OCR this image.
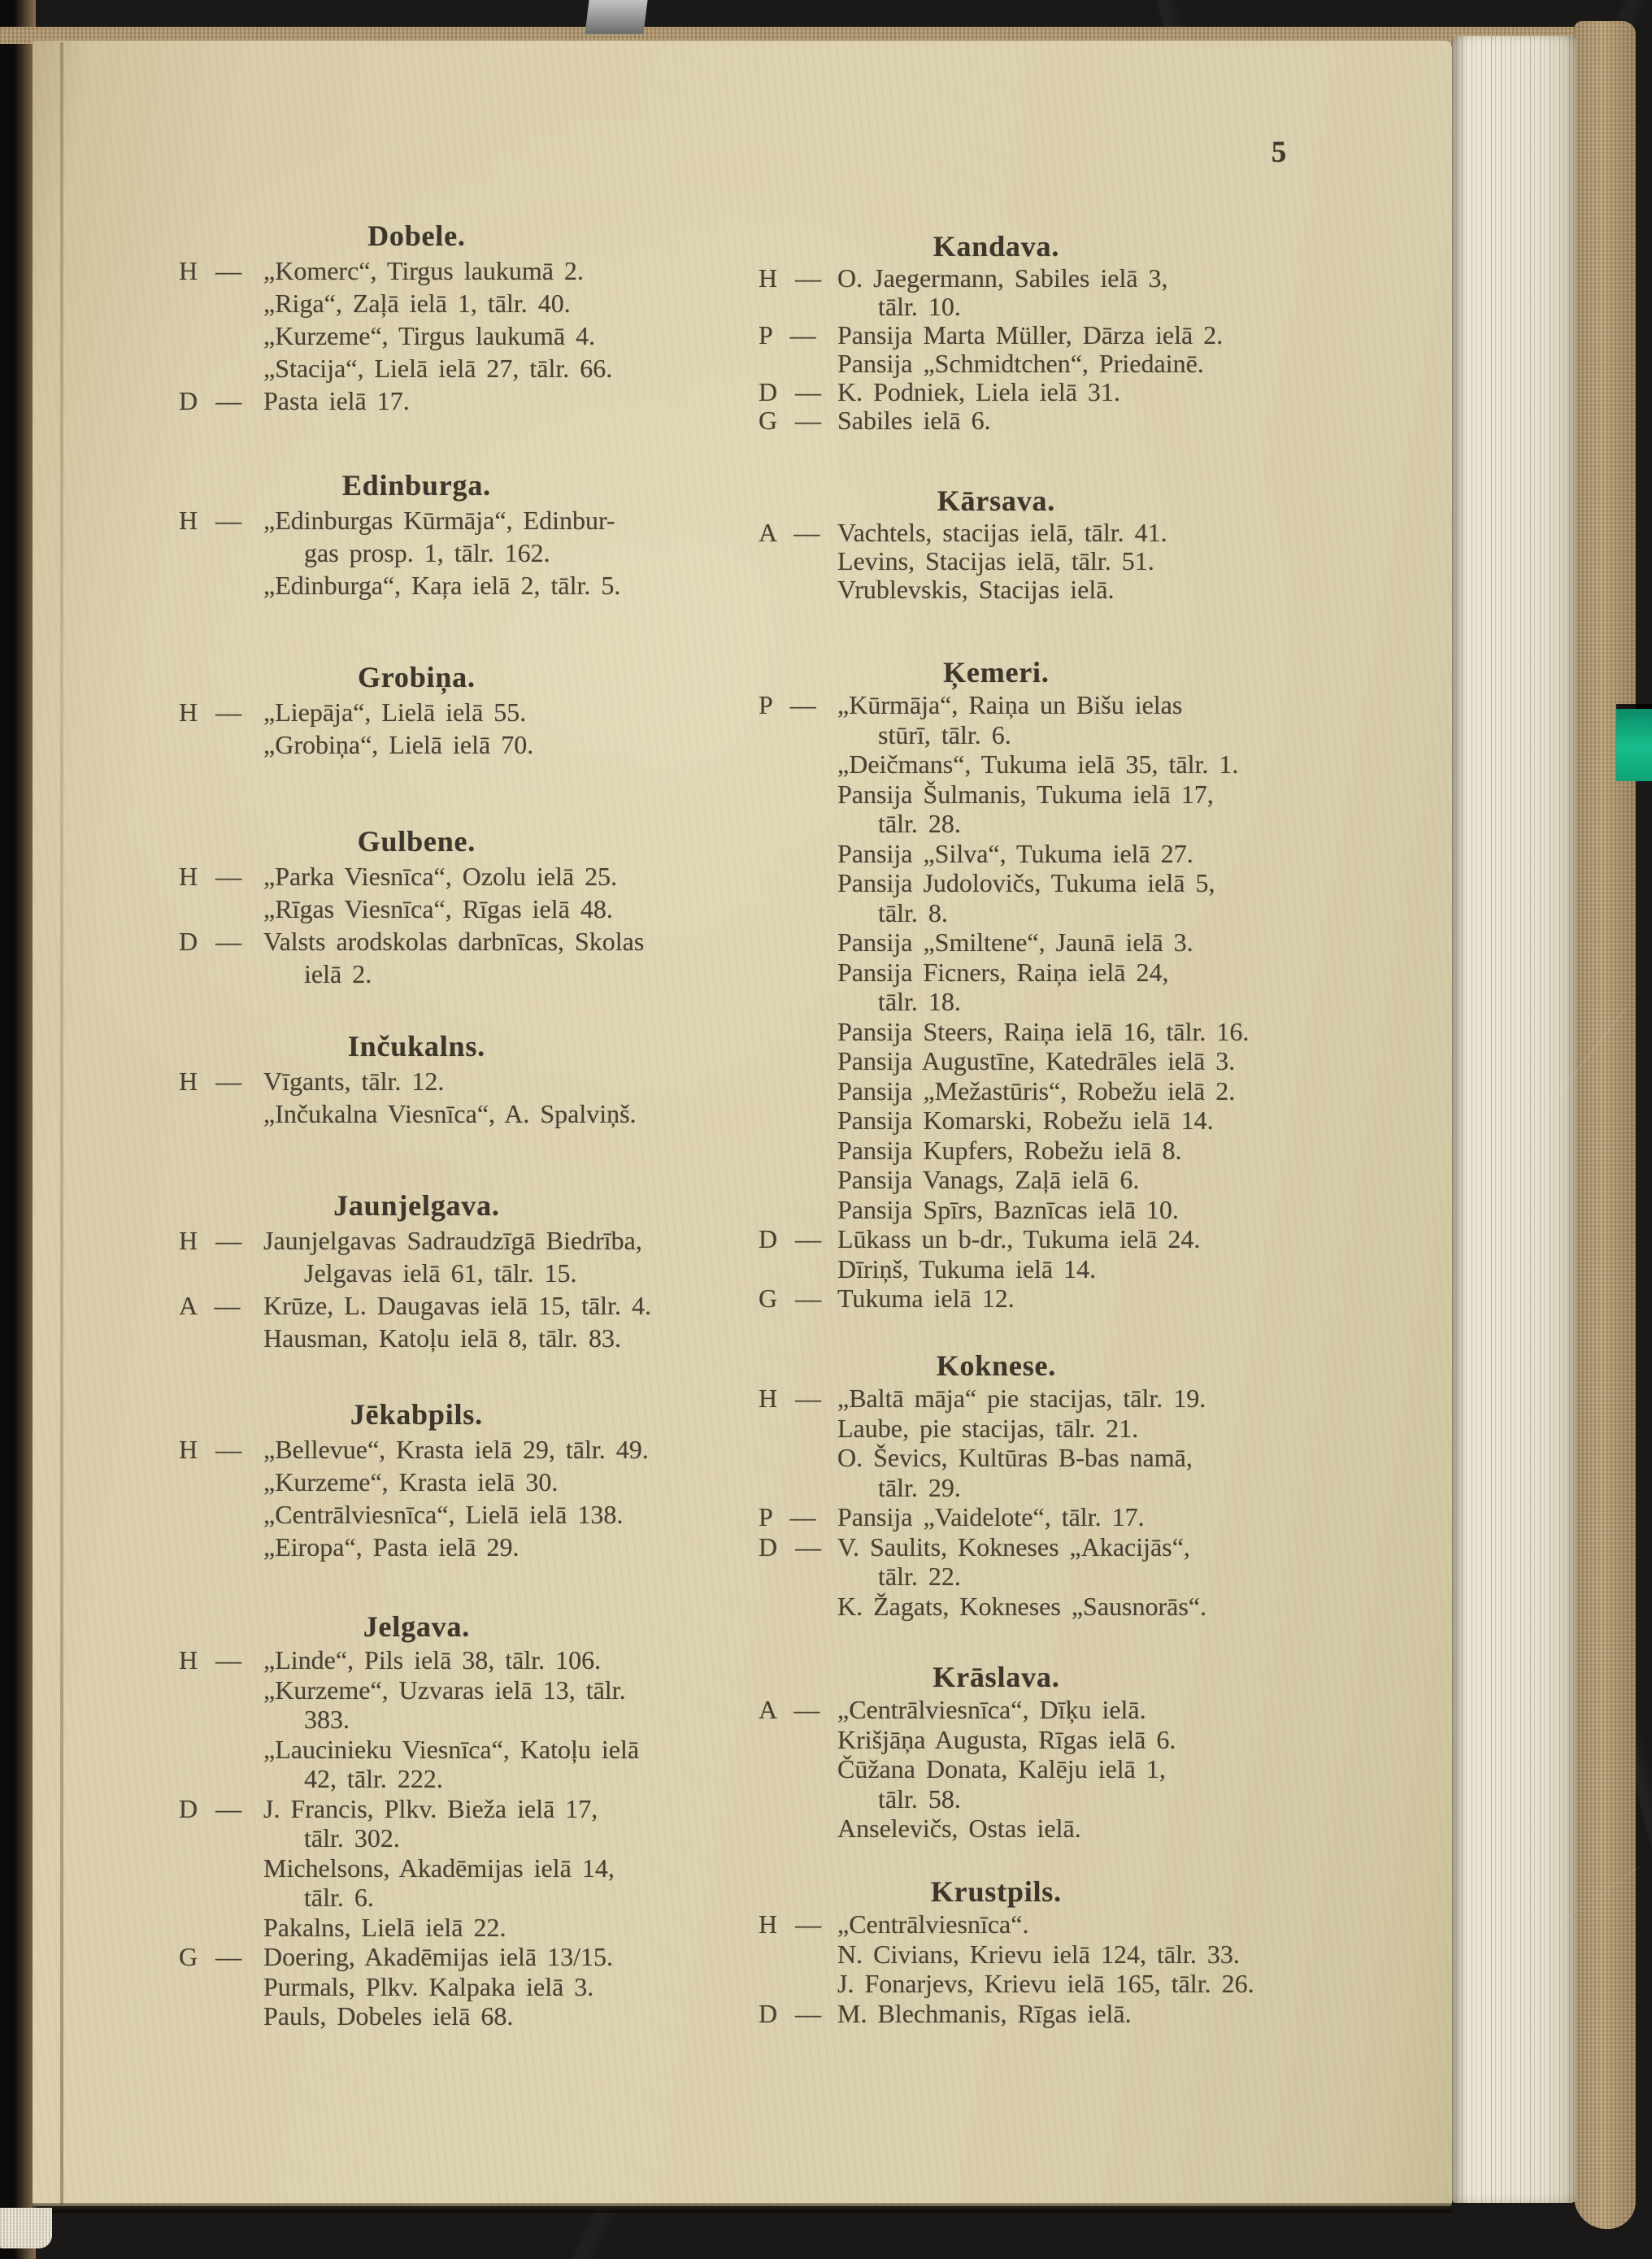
5
Dobele.
H — „Komerc“, Tirgus laukumā 2.
„Riga“, Zaļā ielā 1, tālr. 40.
„Kurzeme“, Tirgus laukumā 4.
„Stacija“, Lielā ielā 27, tālr. 66.
D — Pasta ielā 17.
Edinburga.
H — „Edinburgas Kūrmāja“, Edinbur-
gas prosp. 1, tālr. 162.
„Edinburga“, Kaŗa ielā 2, tālr. 5.
Grobiņa.
H — „Liepāja“, Lielā ielā 55.
„Grobiņa“, Lielā ielā 70.
Gulbene.
H — „Parka Viesnīca“, Ozolu ielā 25.
„Rīgas Viesnīca“, Rīgas ielā 48.
D — Valsts arodskolas darbnīcas, Skolas
ielā 2.
Inčukalns.
H — Vīgants, tālr. 12.
„Inčukalna Viesnīca“, A. Spalviņš.
Jaunjelgava.
H — Jaunjelgavas Sadraudzīgā Biedrība,
Jelgavas ielā 61, tālr. 15.
A — Krūze, L. Daugavas ielā 15, tālr. 4.
Hausman, Katoļu ielā 8, tālr. 83.
Jēkabpils.
H — „Bellevue“, Krasta ielā 29, tālr. 49.
„Kurzeme“, Krasta ielā 30.
„Centrālviesnīca“, Lielā ielā 138.
„Eiropa“, Pasta ielā 29.
Jelgava.
H — „Linde“, Pils ielā 38, tālr. 106.
„Kurzeme“, Uzvaras ielā 13, tālr.
383.
„Laucinieku Viesnīca“, Katoļu ielā
42, tālr. 222.
D — J. Francis, Plkv. Bieža ielā 17,
tālr. 302.
Michelsons, Akadēmijas ielā 14,
tālr. 6.
Pakalns, Lielā ielā 22.
G — Doering, Akadēmijas ielā 13/15.
Purmals, Plkv. Kalpaka ielā 3.
Pauls, Dobeles ielā 68.
Kandava.
H — O. Jaegermann, Sabiles ielā 3,
tālr. 10.
P — Pansija Marta Müller, Dārza ielā 2.
Pansija „Schmidtchen“, Priedainē.
D — K. Podniek, Liela ielā 31.
G — Sabiles ielā 6.
Kārsava.
A — Vachtels, stacijas ielā, tālr. 41.
Levins, Stacijas ielā, tālr. 51.
Vrublevskis, Stacijas ielā.
Ķemeri.
P — „Kūrmāja“, Raiņa un Bišu ielas
stūrī, tālr. 6.
„Deičmans“, Tukuma ielā 35, tālr. 1.
Pansija Šulmanis, Tukuma ielā 17,
tālr. 28.
Pansija „Silva“, Tukuma ielā 27.
Pansija Judolovičs, Tukuma ielā 5,
tālr. 8.
Pansija „Smiltene“, Jaunā ielā 3.
Pansija Ficners, Raiņa ielā 24,
tālr. 18.
Pansija Steers, Raiņa ielā 16, tālr. 16.
Pansija Augustīne, Katedrāles ielā 3.
Pansija „Mežastūris“, Robežu ielā 2.
Pansija Komarski, Robežu ielā 14.
Pansija Kupfers, Robežu ielā 8.
Pansija Vanags, Zaļā ielā 6.
Pansija Spīrs, Baznīcas ielā 10.
D — Lūkass un b-dr., Tukuma ielā 24.
Dīriņš, Tukuma ielā 14.
G — Tukuma ielā 12.
Koknese.
H — „Baltā māja“ pie stacijas, tālr. 19.
Laube, pie stacijas, tālr. 21.
O. Ševics, Kultūras B-bas namā,
tālr. 29.
P — Pansija „Vaidelote“, tālr. 17.
D — V. Saulits, Kokneses „Akacijās“,
tālr. 22.
K. Žagats, Kokneses „Sausnorās“.
Krāslava.
A — „Centrālviesnīca“, Dīķu ielā.
Krišjāņa Augusta, Rīgas ielā 6.
Čūžana Donata, Kalēju ielā 1,
tālr. 58.
Anselevičs, Ostas ielā.
Krustpils.
H — „Centrālviesnīca“.
N. Civians, Krievu ielā 124, tālr. 33.
J. Fonarjevs, Krievu ielā 165, tālr. 26.
D — M. Blechmanis, Rīgas ielā.
